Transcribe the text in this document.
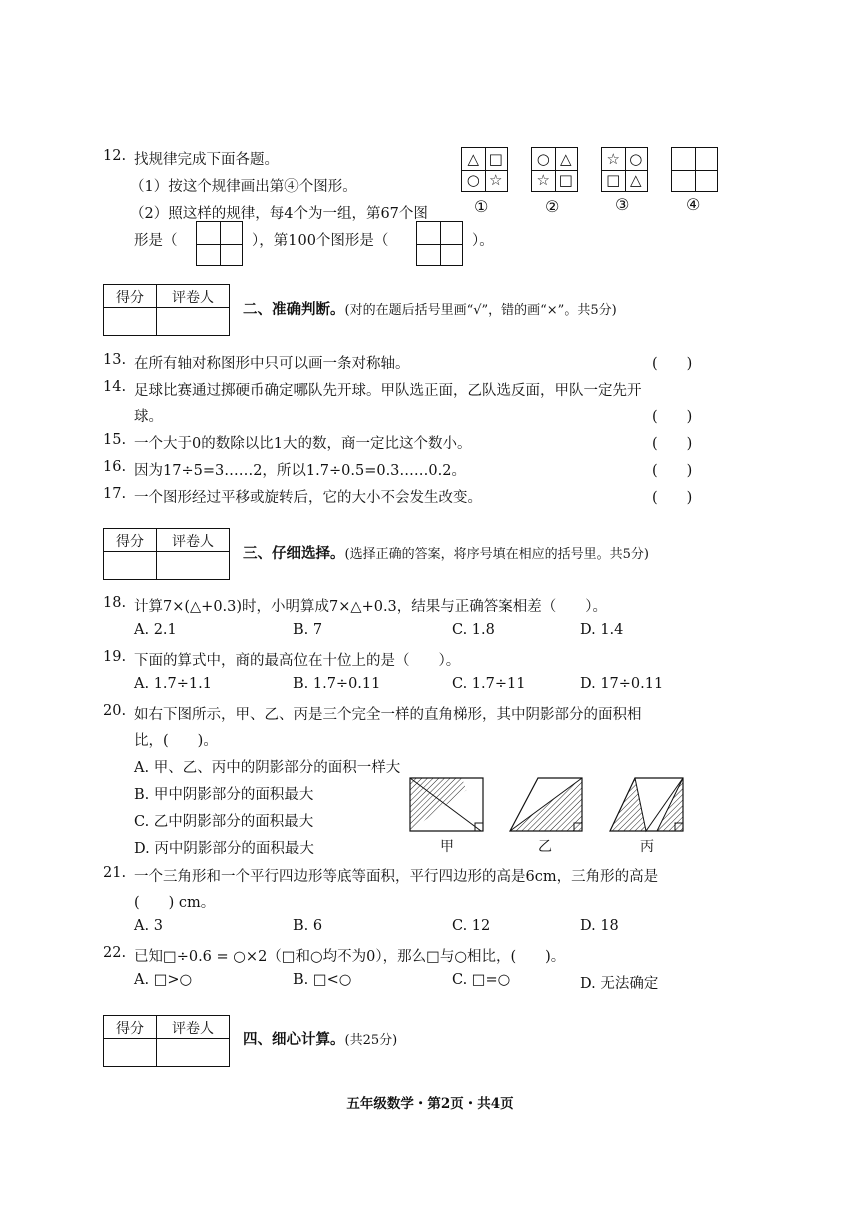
12. 找规律完成下面各题。
（1）按这个规律画出第④个图形。
（2）照这样的规律，每4个为一组，第67个图
形是（	），第100个图形是（	）。
△ □
○ ☆
①
○ △
☆ □
②
☆ ○
□ △
③	④
得分 评卷人
二、准确判断。(对的在题后括号里画“√”，错的画“×”。共5分)
13. 在所有轴对称图形中只可以画一条对称轴。	(　　)
14. 足球比赛通过掷硬币确定哪队先开球。甲队选正面，乙队选反面，甲队一定先开
球。	(　　)
15. 一个大于0的数除以比1大的数，商一定比这个数小。	(　　)
16. 因为17÷5=3……2，所以1.7÷0.5=0.3……0.2。	(　　)
17. 一个图形经过平移或旋转后，它的大小不会发生改变。	(　　)
得分 评卷人
三、仔细选择。(选择正确的答案，将序号填在相应的括号里。共5分)
18. 计算7×(△+0.3)时，小明算成7×△+0.3，结果与正确答案相差（　　）。
A. 2.1	B. 7	C. 1.8	D. 1.4
19. 下面的算式中，商的最高位在十位上的是（　　）。
A. 1.7÷1.1	B. 1.7÷0.11	C. 1.7÷11	D. 17÷0.11
20. 如右下图所示，甲、乙、丙是三个完全一样的直角梯形，其中阴影部分的面积相
比，(　　)。
A. 甲、乙、丙中的阴影部分的面积一样大
B. 甲中阴影部分的面积最大
C. 乙中阴影部分的面积最大
D. 丙中阴影部分的面积最大	甲	乙	丙
21. 一个三角形和一个平行四边形等底等面积，平行四边形的高是6cm，三角形的高是
(　　) cm。
A. 3	B. 6	C. 12	D. 18
22. 已知□÷0.6 = ○×2（□和○均不为0），那么□与○相比，(　　)。
A. □>○	B. □<○	C. □=○	D. 无法确定
得分 评卷人
四、细心计算。(共25分)
五年级数学・第2页・共4页
